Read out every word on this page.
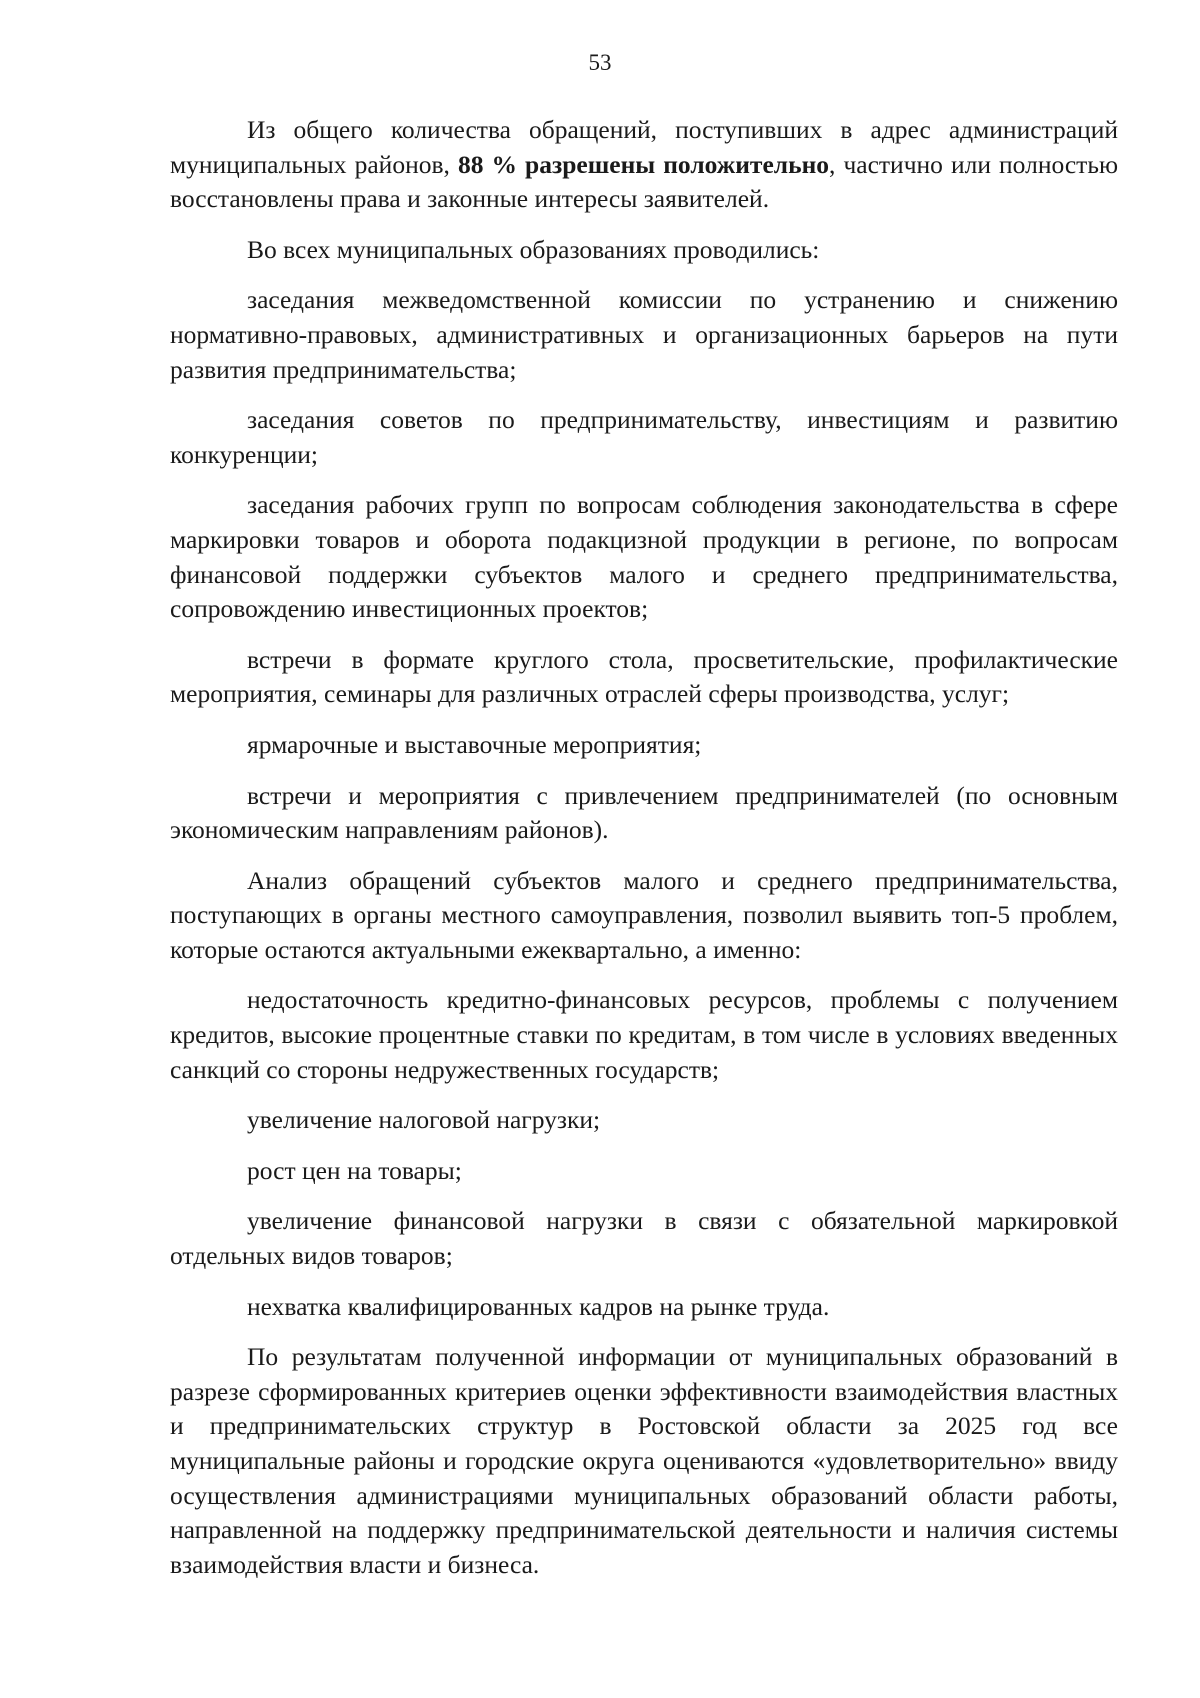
53

Из общего количества обращений, поступивших в адрес администраций муниципальных районов, 88 % разрешены положительно, частично или полностью восстановлены права и законные интересы заявителей.

Во всех муниципальных образованиях проводились:

заседания межведомственной комиссии по устранению и снижению нормативно-правовых, административных и организационных барьеров на пути развития предпринимательства;

заседания советов по предпринимательству, инвестициям и развитию конкуренции;

заседания рабочих групп по вопросам соблюдения законодательства в сфере маркировки товаров и оборота подакцизной продукции в регионе, по вопросам финансовой поддержки субъектов малого и среднего предпринимательства, сопровождению инвестиционных проектов;

встречи в формате круглого стола, просветительские, профилактические мероприятия, семинары для различных отраслей сферы производства, услуг;

ярмарочные и выставочные мероприятия;

встречи и мероприятия с привлечением предпринимателей (по основным экономическим направлениям районов).

Анализ обращений субъектов малого и среднего предпринимательства, поступающих в органы местного самоуправления, позволил выявить топ-5 проблем, которые остаются актуальными ежеквартально, а именно:

недостаточность кредитно-финансовых ресурсов, проблемы с получением кредитов, высокие процентные ставки по кредитам, в том числе в условиях введенных санкций со стороны недружественных государств;

увеличение налоговой нагрузки;

рост цен на товары;

увеличение финансовой нагрузки в связи с обязательной маркировкой отдельных видов товаров;

нехватка квалифицированных кадров на рынке труда.

По результатам полученной информации от муниципальных образований в разрезе сформированных критериев оценки эффективности взаимодействия властных и предпринимательских структур в Ростовской области за 2025 год все муниципальные районы и городские округа оцениваются «удовлетворительно» ввиду осуществления администрациями муниципальных образований области работы, направленной на поддержку предпринимательской деятельности и наличия системы взаимодействия власти и бизнеса.
